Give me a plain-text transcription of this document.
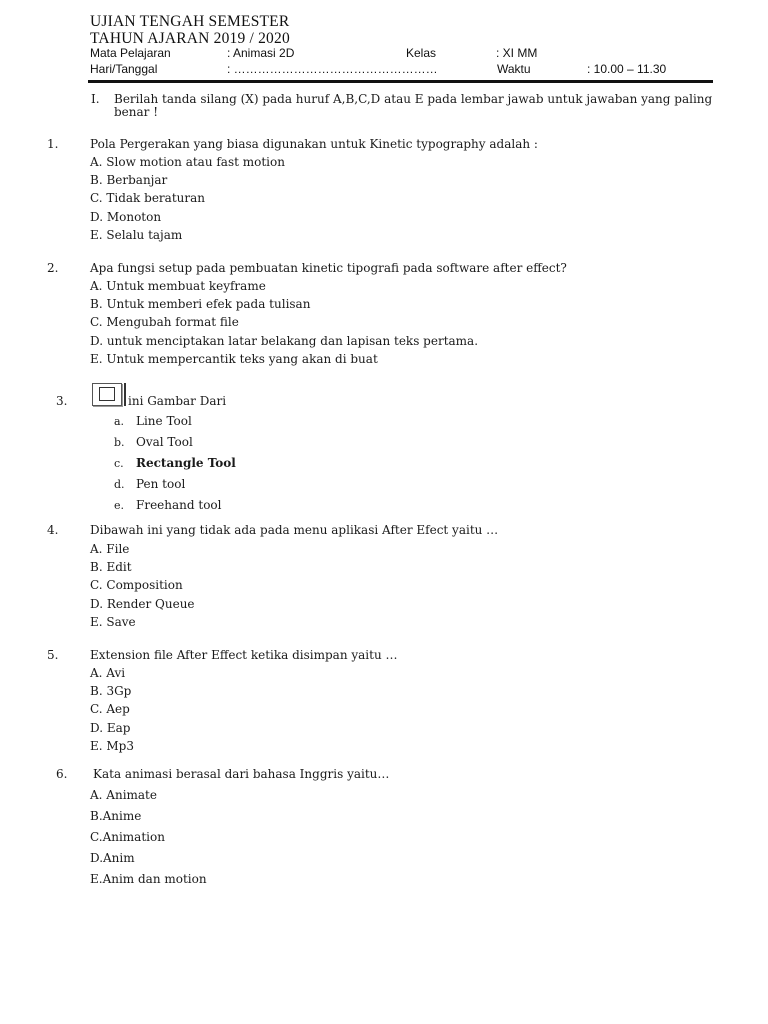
UJIAN TENGAH SEMESTER
TAHUN AJARAN 2019 / 2020
Mata Pelajaran	: Animasi 2D	Kelas	: XI MM
Hari/Tanggal	: ……………………………………………	Waktu	: 10.00 – 11.30
I. Berilah tanda silang (X) pada huruf A,B,C,D atau E pada lembar jawab untuk jawaban yang paling
benar !
1.	Pola Pergerakan yang biasa digunakan untuk Kinetic typography adalah :
A. Slow motion atau fast motion
B. Berbanjar
C. Tidak beraturan
D. Monoton
E. Selalu tajam
2.	Apa fungsi setup pada pembuatan kinetic tipografi pada software after effect?
A. Untuk membuat keyframe
B. Untuk memberi efek pada tulisan
C. Mengubah format file
D. untuk menciptakan latar belakang dan lapisan teks pertama.
E. Untuk mempercantik teks yang akan di buat
3.	ini Gambar Dari
a. Line Tool
b. Oval Tool
c. Rectangle Tool
d. Pen tool
e. Freehand tool
4.	Dibawah ini yang tidak ada pada menu aplikasi After Efect yaitu …
A. File
B. Edit
C. Composition
D. Render Queue
E. Save
5.	Extension file After Effect ketika disimpan yaitu …
A. Avi
B. 3Gp
C. Aep
D. Eap
E. Mp3
6. Kata animasi berasal dari bahasa Inggris yaitu…
A. Animate
B.Anime
C.Animation
D.Anim
E.Anim dan motion
